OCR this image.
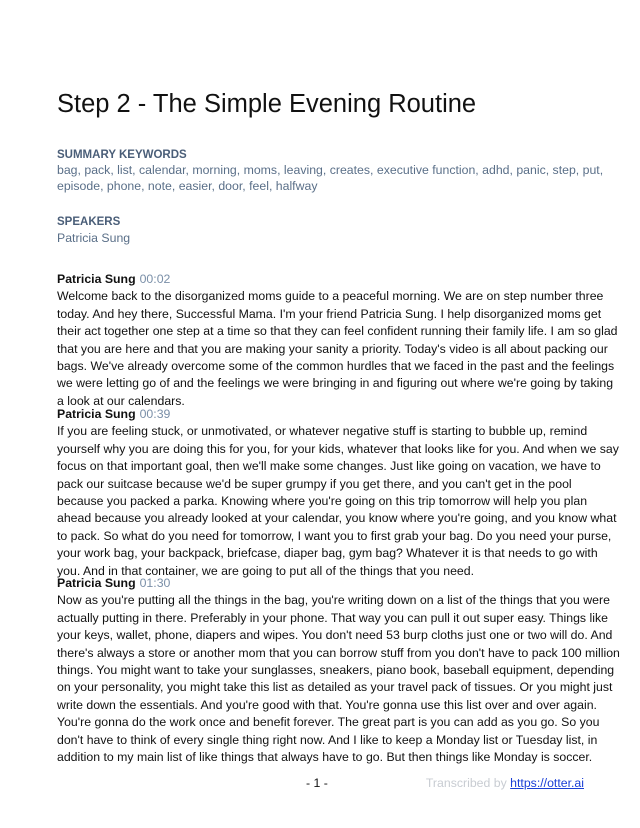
Step 2 - The Simple Evening Routine
SUMMARY KEYWORDS
bag, pack, list, calendar, morning, moms, leaving, creates, executive function, adhd, panic, step, put,
episode, phone, note, easier, door, feel, halfway
SPEAKERS
Patricia Sung
Patricia Sung 00:02
Welcome back to the disorganized moms guide to a peaceful morning. We are on step number three
today. And hey there, Successful Mama. I'm your friend Patricia Sung. I help disorganized moms get
their act together one step at a time so that they can feel confident running their family life. I am so glad
that you are here and that you are making your sanity a priority. Today's video is all about packing our
bags. We've already overcome some of the common hurdles that we faced in the past and the feelings
we were letting go of and the feelings we were bringing in and figuring out where we're going by taking
a look at our calendars.
Patricia Sung 00:39
If you are feeling stuck, or unmotivated, or whatever negative stuff is starting to bubble up, remind
yourself why you are doing this for you, for your kids, whatever that looks like for you. And when we say
focus on that important goal, then we'll make some changes. Just like going on vacation, we have to
pack our suitcase because we'd be super grumpy if you get there, and you can't get in the pool
because you packed a parka. Knowing where you're going on this trip tomorrow will help you plan
ahead because you already looked at your calendar, you know where you're going, and you know what
to pack. So what do you need for tomorrow, I want you to first grab your bag. Do you need your purse,
your work bag, your backpack, briefcase, diaper bag, gym bag? Whatever it is that needs to go with
you. And in that container, we are going to put all of the things that you need.
Patricia Sung 01:30
Now as you're putting all the things in the bag, you're writing down on a list of the things that you were
actually putting in there. Preferably in your phone. That way you can pull it out super easy. Things like
your keys, wallet, phone, diapers and wipes. You don't need 53 burp cloths just one or two will do. And
there's always a store or another mom that you can borrow stuff from you don't have to pack 100 million
things. You might want to take your sunglasses, sneakers, piano book, baseball equipment, depending
on your personality, you might take this list as detailed as your travel pack of tissues. Or you might just
write down the essentials. And you're good with that. You're gonna use this list over and over again.
You're gonna do the work once and benefit forever. The great part is you can add as you go. So you
don't have to think of every single thing right now. And I like to keep a Monday list or Tuesday list, in
addition to my main list of like things that always have to go. But then things like Monday is soccer.
- 1 -	Transcribed by https://otter.ai
